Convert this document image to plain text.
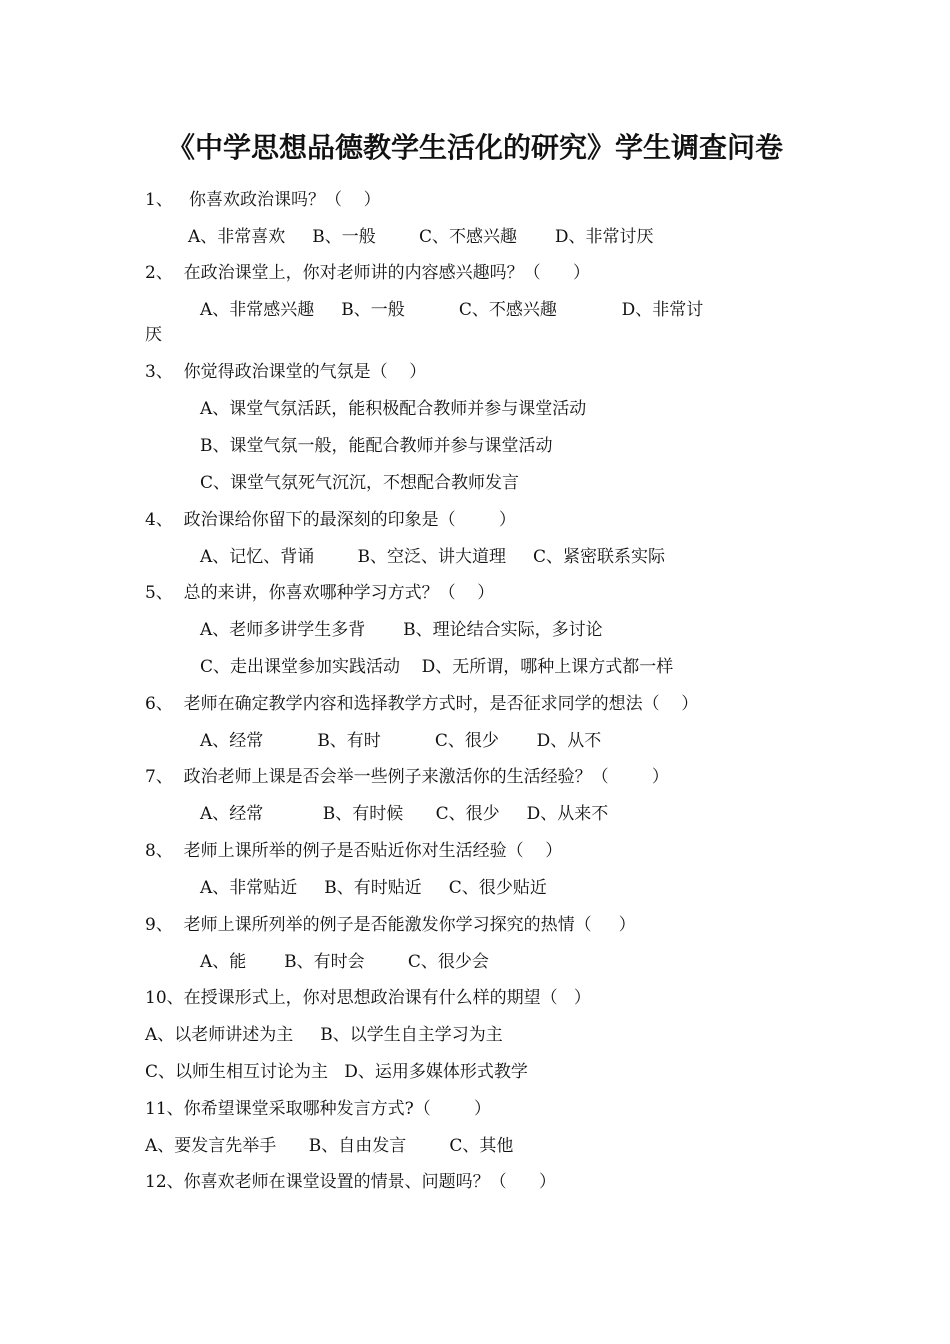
《中学思想品德教学生活化的研究》学生调查问卷
1、   你喜欢政治课吗？（    ）
A、非常喜欢     B、一般        C、不感兴趣       D、非常讨厌
2、  在政治课堂上，你对老师讲的内容感兴趣吗？（      ）
A、非常感兴趣     B、一般          C、不感兴趣            D、非常讨
厌
3、  你觉得政治课堂的气氛是（    ）
A、课堂气氛活跃，能积极配合教师并参与课堂活动
B、课堂气氛一般，能配合教师并参与课堂活动
C、课堂气氛死气沉沉，不想配合教师发言
4、  政治课给你留下的最深刻的印象是（        ）
A、记忆、背诵        B、空泛、讲大道理     C、紧密联系实际
5、  总的来讲，你喜欢哪种学习方式？（    ）
A、老师多讲学生多背       B、理论结合实际，多讨论
C、走出课堂参加实践活动    D、无所谓，哪种上课方式都一样
6、  老师在确定教学内容和选择教学方式时，是否征求同学的想法（    ）
A、经常          B、有时          C、很少       D、从不
7、  政治老师上课是否会举一些例子来激活你的生活经验？（        ）
A、经常           B、有时候      C、很少     D、从来不
8、  老师上课所举的例子是否贴近你对生活经验（    ）
A、非常贴近     B、有时贴近     C、很少贴近
9、  老师上课所列举的例子是否能激发你学习探究的热情（     ）
A、能       B、有时会        C、很少会
10、在授课形式上，你对思想政治课有什么样的期望（   ）
A、以老师讲述为主     B、以学生自主学习为主
C、以师生相互讨论为主   D、运用多媒体形式教学
11、你希望课堂采取哪种发言方式?（        ）
A、要发言先举手      B、自由发言        C、其他
12、你喜欢老师在课堂设置的情景、问题吗？（      ）
